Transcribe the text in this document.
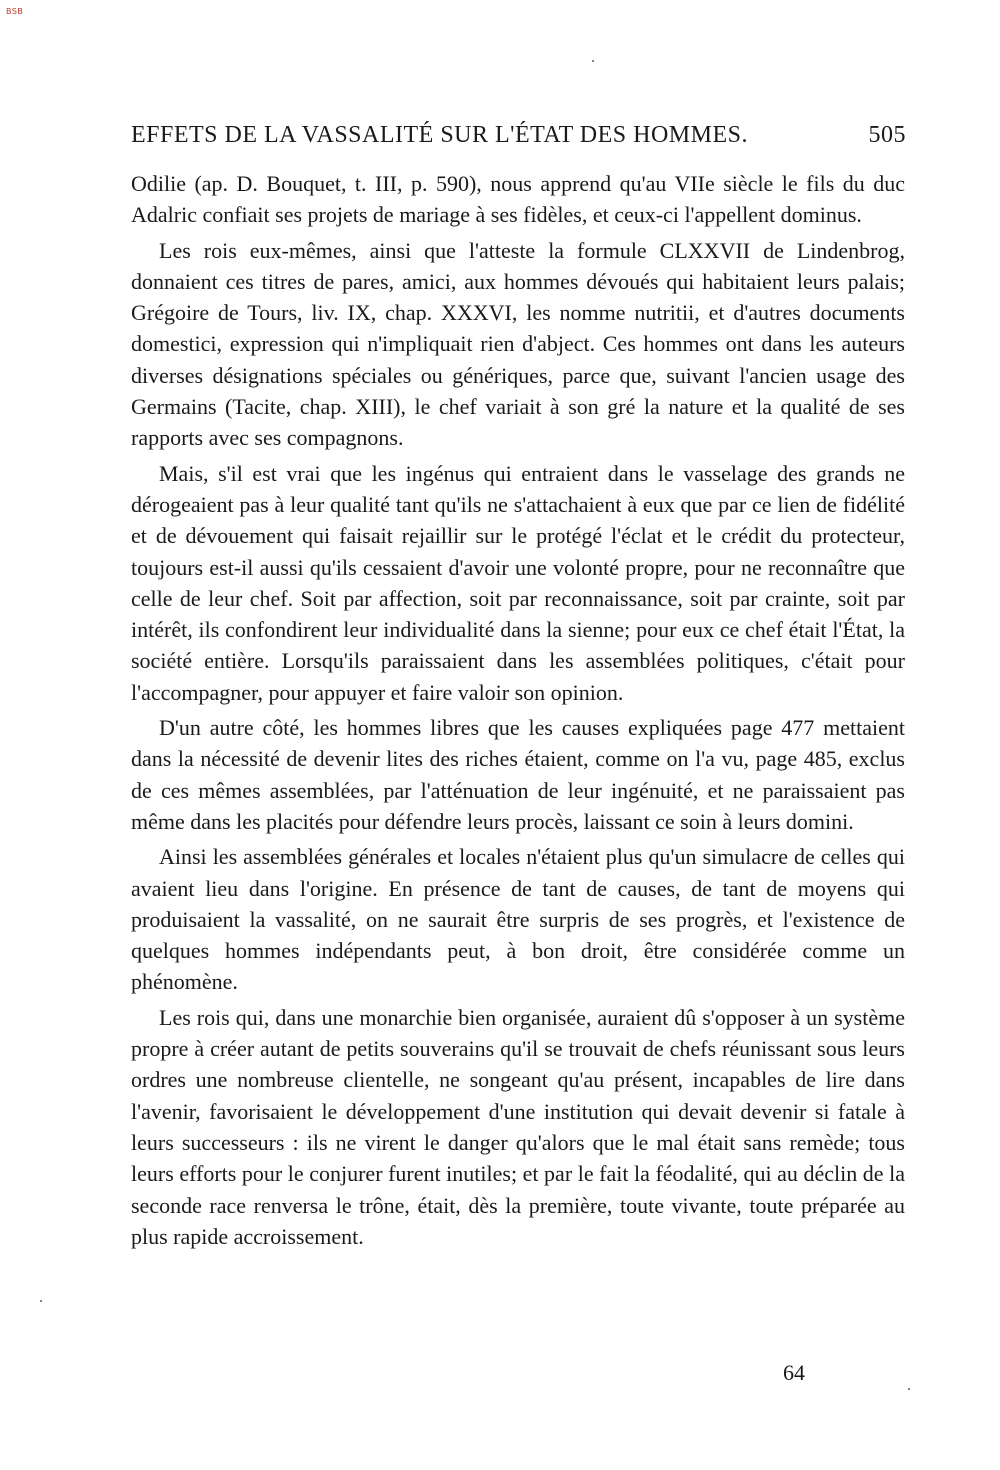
BSB
EFFETS DE LA VASSALITÉ SUR L'ÉTAT DES HOMMES.	505

Odilie (ap. D. Bouquet, t. III, p. 590), nous apprend qu'au VIIe siècle le fils du duc Adalric confiait ses projets de mariage à ses fidèles, et ceux-ci l'appellent dominus.

Les rois eux-mêmes, ainsi que l'atteste la formule CLXXVII de Lindenbrog, donnaient ces titres de pares, amici, aux hommes dévoués qui habitaient leurs palais; Grégoire de Tours, liv. IX, chap. XXXVI, les nomme nutritii, et d'autres documents domestici, expression qui n'impliquait rien d'abject. Ces hommes ont dans les auteurs diverses désignations spéciales ou génériques, parce que, suivant l'ancien usage des Germains (Tacite, chap. XIII), le chef variait à son gré la nature et la qualité de ses rapports avec ses compagnons.

Mais, s'il est vrai que les ingénus qui entraient dans le vasselage des grands ne dérogeaient pas à leur qualité tant qu'ils ne s'attachaient à eux que par ce lien de fidélité et de dévouement qui faisait rejaillir sur le protégé l'éclat et le crédit du protecteur, toujours est-il aussi qu'ils cessaient d'avoir une volonté propre, pour ne reconnaître que celle de leur chef. Soit par affection, soit par reconnaissance, soit par crainte, soit par intérêt, ils confondirent leur individualité dans la sienne; pour eux ce chef était l'État, la société entière. Lorsqu'ils paraissaient dans les assemblées politiques, c'était pour l'accompagner, pour appuyer et faire valoir son opinion.

D'un autre côté, les hommes libres que les causes expliquées page 477 mettaient dans la nécessité de devenir lites des riches étaient, comme on l'a vu, page 485, exclus de ces mêmes assemblées, par l'atténuation de leur ingénuité, et ne paraissaient pas même dans les placités pour défendre leurs procès, laissant ce soin à leurs domini.

Ainsi les assemblées générales et locales n'étaient plus qu'un simulacre de celles qui avaient lieu dans l'origine. En présence de tant de causes, de tant de moyens qui produisaient la vassalité, on ne saurait être surpris de ses progrès, et l'existence de quelques hommes indépendants peut, à bon droit, être considérée comme un phénomène.

Les rois qui, dans une monarchie bien organisée, auraient dû s'opposer à un système propre à créer autant de petits souverains qu'il se trouvait de chefs réunissant sous leurs ordres une nombreuse clientelle, ne songeant qu'au présent, incapables de lire dans l'avenir, favorisaient le développement d'une institution qui devait devenir si fatale à leurs successeurs : ils ne virent le danger qu'alors que le mal était sans remède; tous leurs efforts pour le conjurer furent inutiles; et par le fait la féodalité, qui au déclin de la seconde race renversa le trône, était, dès la première, toute vivante, toute préparée au plus rapide accroissement.

64
